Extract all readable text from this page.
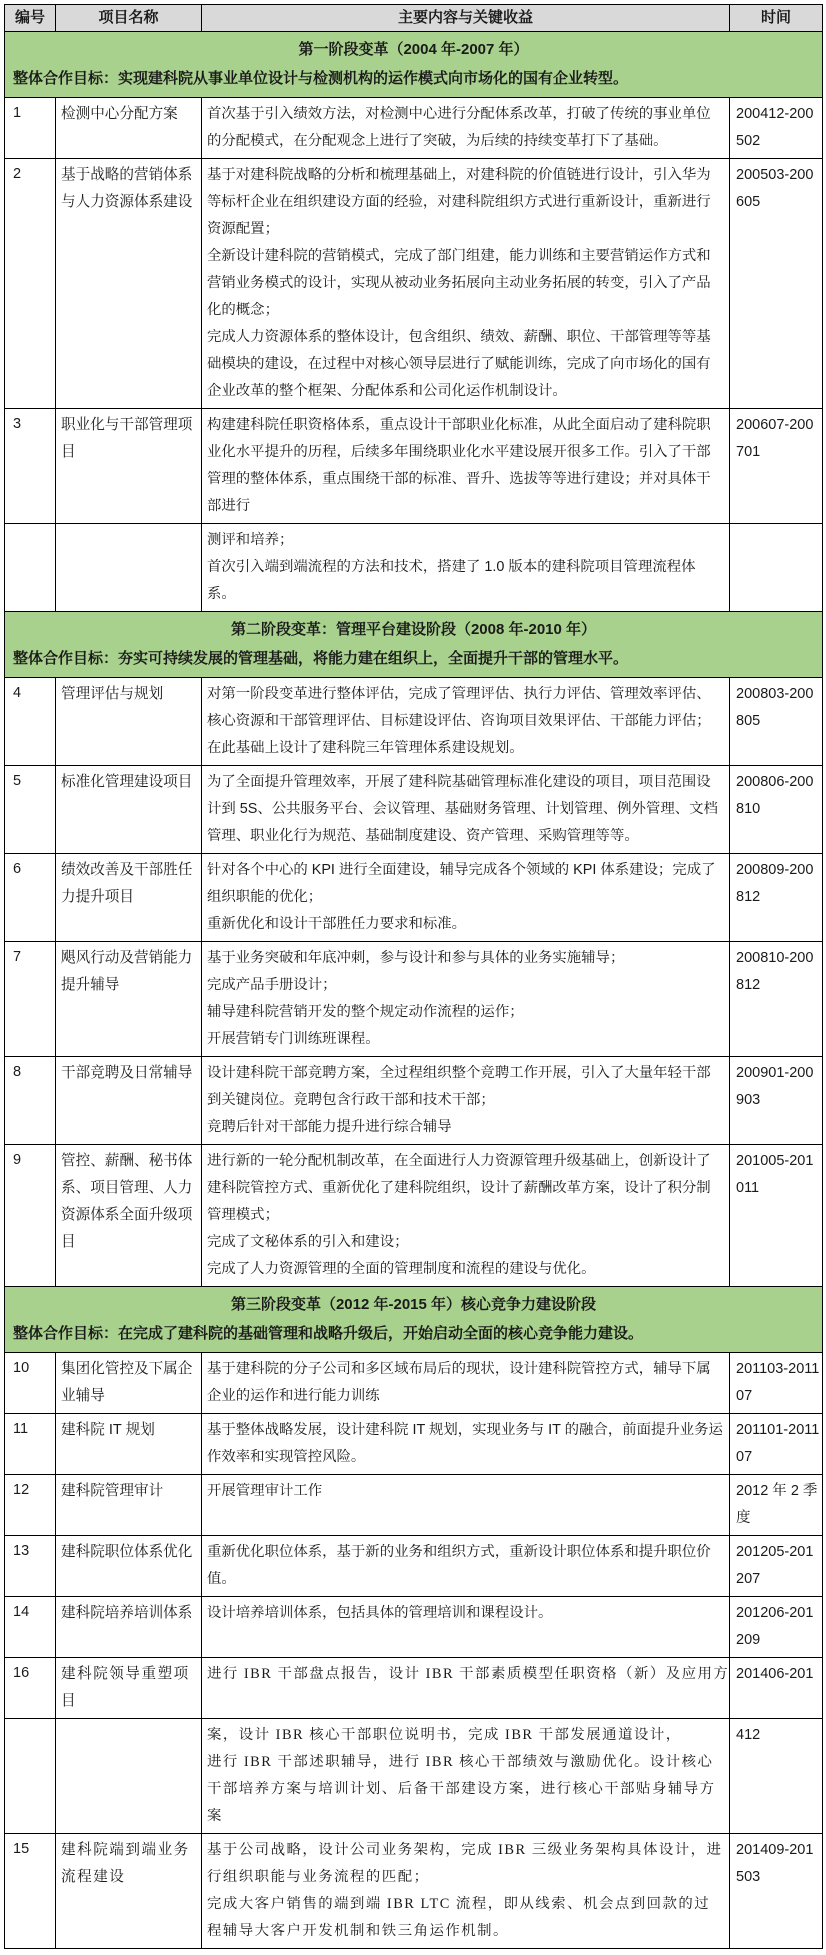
编号	项目名称	主要内容与关键收益	时间

第一阶段变革（2004 年-2007 年）
整体合作目标：实现建科院从事业单位设计与检测机构的运作模式向市场化的国有企业转型。			

1	检测中心分配方案	首次基于引入绩效方法，对检测中心进行分配体系改革，打破了传统的事业单位的分配模式，在分配观念上进行了突破，为后续的持续变革打下了基础。	200412-200502
2	基于战略的营销体系与人力资源体系建设	基于对建科院战略的分析和梳理基础上，对建科院的价值链进行设计，引入华为等标杆企业在组织建设方面的经验，对建科院组织方式进行重新设计，重新进行资源配置；
全新设计建科院的营销模式，完成了部门组建，能力训练和主要营销运作方式和营销业务模式的设计，实现从被动业务拓展向主动业务拓展的转变，引入了产品化的概念；
完成人力资源体系的整体设计，包含组织、绩效、薪酬、职位、干部管理等等基础模块的建设，在过程中对核心领导层进行了赋能训练，完成了向市场化的国有企业改革的整个框架、分配体系和公司化运作机制设计。	200503-200605
3	职业化与干部管理项目	构建建科院任职资格体系，重点设计干部职业化标准，从此全面启动了建科院职业化水平提升的历程，后续多年围绕职业化水平建设展开很多工作。引入了干部管理的整体体系，重点围绕干部的标准、晋升、选拔等等进行建设；并对具体干部进行	200607-200701

		测评和培养；
首次引入端到端流程的方法和技术，搭建了 1.0 版本的建科院项目管理流程体系。	

第二阶段变革：管理平台建设阶段（2008 年-2010 年）
整体合作目标：夯实可持续发展的管理基础，将能力建在组织上，全面提升干部的管理水平。			

4	管理评估与规划	对第一阶段变革进行整体评估，完成了管理评估、执行力评估、管理效率评估、核心资源和干部管理评估、目标建设评估、咨询项目效果评估、干部能力评估；在此基础上设计了建科院三年管理体系建设规划。	200803-200805
5	标准化管理建设项目	为了全面提升管理效率，开展了建科院基础管理标准化建设的项目，项目范围设计到 5S、公共服务平台、会议管理、基础财务管理、计划管理、例外管理、文档管理、职业化行为规范、基础制度建设、资产管理、采购管理等等。	200806-200810
6	绩效改善及干部胜任力提升项目	针对各个中心的 KPI 进行全面建设，辅导完成各个领域的 KPI 体系建设；完成了组织职能的优化；
重新优化和设计干部胜任力要求和标准。	200809-200812
7	飓风行动及营销能力提升辅导	基于业务突破和年底冲刺，参与设计和参与具体的业务实施辅导；
完成产品手册设计；
辅导建科院营销开发的整个规定动作流程的运作；
开展营销专门训练班课程。	200810-200812
8	干部竞聘及日常辅导	设计建科院干部竞聘方案，全过程组织整个竞聘工作开展，引入了大量年轻干部到关键岗位。竞聘包含行政干部和技术干部；
竞聘后针对干部能力提升进行综合辅导	200901-200903
9	管控、薪酬、秘书体系、项目管理、人力资源体系全面升级项目	进行新的一轮分配机制改革，在全面进行人力资源管理升级基础上，创新设计了建科院管控方式、重新优化了建科院组织，设计了薪酬改革方案，设计了积分制管理模式；
完成了文秘体系的引入和建设；
完成了人力资源管理的全面的管理制度和流程的建设与优化。	201005-201011

第三阶段变革（2012 年-2015 年）核心竞争力建设阶段
整体合作目标：在完成了建科院的基础管理和战略升级后，开始启动全面的核心竞争能力建设。			

10	集团化管控及下属企业辅导	基于建科院的分子公司和多区域布局后的现状，设计建科院管控方式，辅导下属企业的运作和进行能力训练	201103-201107
11	建科院 IT 规划	基于整体战略发展，设计建科院 IT 规划，实现业务与 IT 的融合，前面提升业务运作效率和实现管控风险。	201101-201107
12	建科院管理审计	开展管理审计工作	2012 年 2 季度
13	建科院职位体系优化	重新优化职位体系，基于新的业务和组织方式，重新设计职位体系和提升职位价值。	201205-201207
14	建科院培养培训体系	设计培养培训体系，包括具体的管理培训和课程设计。	201206-201209
16	建科院领导重塑项目	进行 IBR 干部盘点报告，设计 IBR 干部素质模型任职资格（新）及应用方	201406-201

		案，设计 IBR 核心干部职位说明书，完成 IBR 干部发展通道设计，
进行 IBR 干部述职辅导，进行 IBR 核心干部绩效与激励优化。设计核心干部培养方案与培训计划、后备干部建设方案，进行核心干部贴身辅导方案	412
15	建科院端到端业务流程建设	基于公司战略，设计公司业务架构，完成 IBR 三级业务架构具体设计，进行组织职能与业务流程的匹配；
完成大客户销售的端到端 IBR LTC 流程，即从线索、机会点到回款的过程辅导大客户开发机制和铁三角运作机制。	201409-201503
